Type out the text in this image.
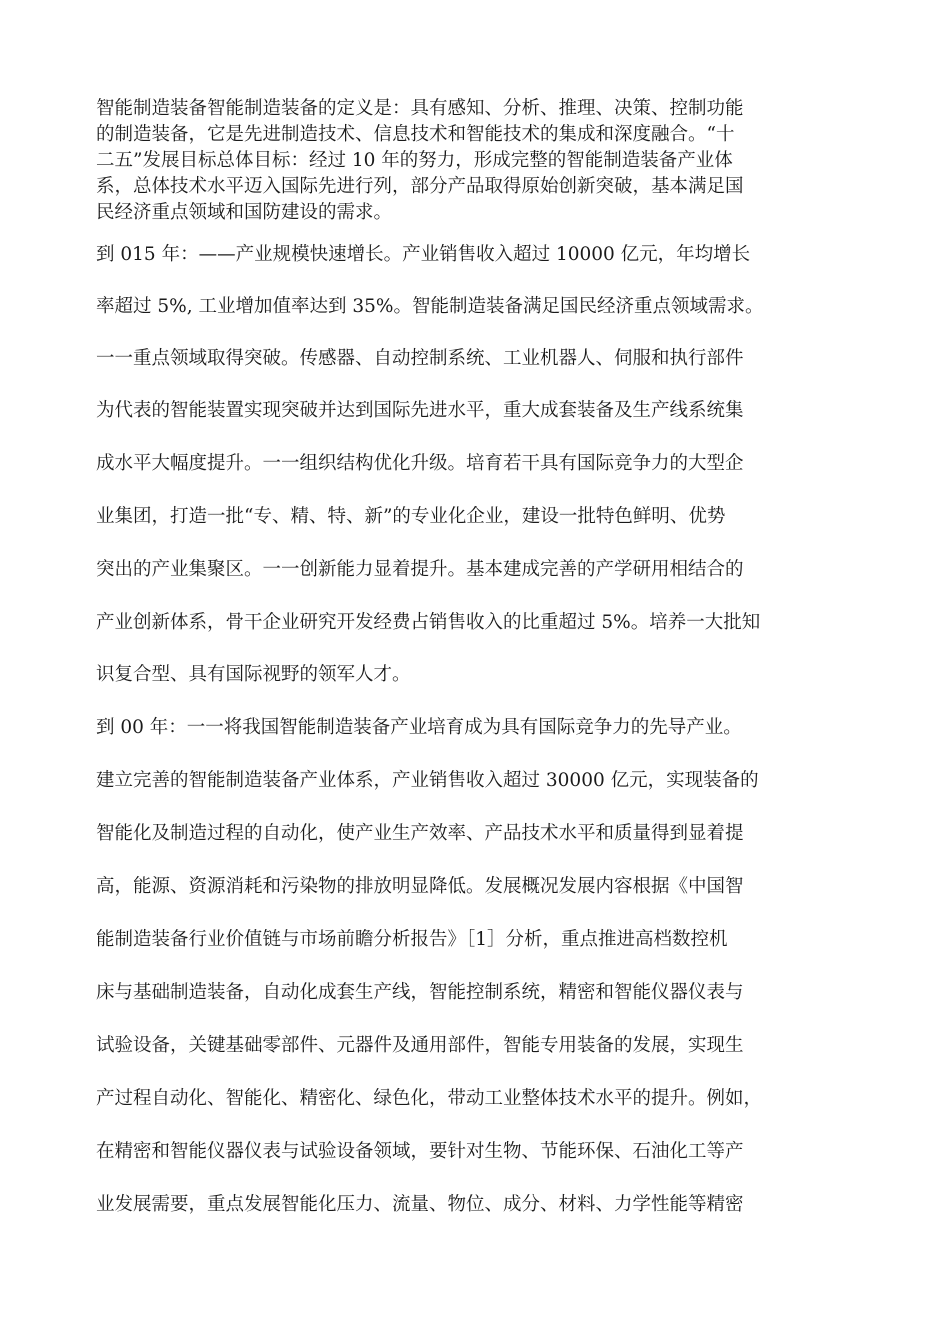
智能制造装备智能制造装备的定义是：具有感知、分析、推理、决策、控制功能
的制造装备，它是先进制造技术、信息技术和智能技术的集成和深度融合。“十
二五”发展目标总体目标：经过 10 年的努力，形成完整的智能制造装备产业体
系，总体技术水平迈入国际先进行列，部分产品取得原始创新突破，基本满足国
民经济重点领域和国防建设的需求。
到 015 年：——产业规模快速增长。产业销售收入超过 10000 亿元，年均增长
率超过 5%, 工业增加值率达到 35%。智能制造装备满足国民经济重点领域需求。
一一重点领域取得突破。传感器、自动控制系统、工业机器人、伺服和执行部件
为代表的智能装置实现突破并达到国际先进水平，重大成套装备及生产线系统集
成水平大幅度提升。一一组织结构优化升级。培育若干具有国际竞争力的大型企
业集团，打造一批“专、精、特、新”的专业化企业，建设一批特色鲜明、优势
突出的产业集聚区。一一创新能力显着提升。基本建成完善的产学研用相结合的
产业创新体系，骨干企业研究开发经费占销售收入的比重超过 5%。培养一大批知
识复合型、具有国际视野的领军人才。
到 00 年：一一将我国智能制造装备产业培育成为具有国际竞争力的先导产业。
建立完善的智能制造装备产业体系，产业销售收入超过 30000 亿元，实现装备的
智能化及制造过程的自动化，使产业生产效率、产品技术水平和质量得到显着提
高，能源、资源消耗和污染物的排放明显降低。发展概况发展内容根据《中国智
能制造装备行业价值链与市场前瞻分析报告》［1］分析，重点推进高档数控机
床与基础制造装备，自动化成套生产线，智能控制系统，精密和智能仪器仪表与
试验设备，关键基础零部件、元器件及通用部件，智能专用装备的发展，实现生
产过程自动化、智能化、精密化、绿色化，带动工业整体技术水平的提升。例如，
在精密和智能仪器仪表与试验设备领域，要针对生物、节能环保、石油化工等产
业发展需要，重点发展智能化压力、流量、物位、成分、材料、力学性能等精密
